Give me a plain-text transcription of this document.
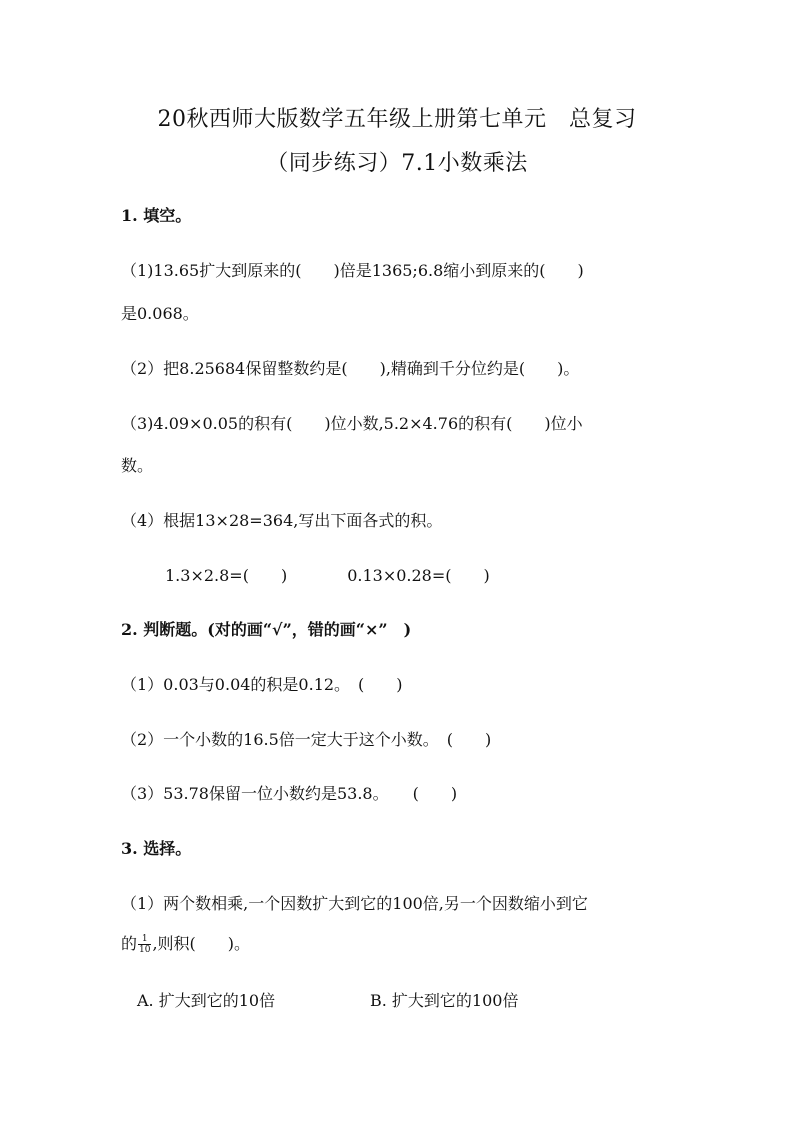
20秋西师大版数学五年级上册第七单元　总复习
（同步练习）7.1小数乘法
1. 填空。
（1)13.65扩大到原来的(　　)倍是1365;6.8缩小到原来的(　　)
是0.068。
（2）把8.25684保留整数约是(　　),精确到千分位约是(　　)。
（3)4.09×0.05的积有(　　)位小数,5.2×4.76的积有(　　)位小
数。
（4）根据13×28=364,写出下面各式的积。
1.3×2.8=(　　)	0.13×0.28=(　　)
2. 判断题。(对的画“√”，错的画“×”　)
（1）0.03与0.04的积是0.12。　(　　)
（2）一个小数的16.5倍一定大于这个小数。　(　　)
（3）53.78保留一位小数约是53.8。　　(　　)
3. 选择。
（1）两个数相乘,一个因数扩大到它的100倍,另一个因数缩小到它
的 $\frac{1}{10}$ ,则积(　　)。
A. 扩大到它的10倍	B. 扩大到它的100倍
